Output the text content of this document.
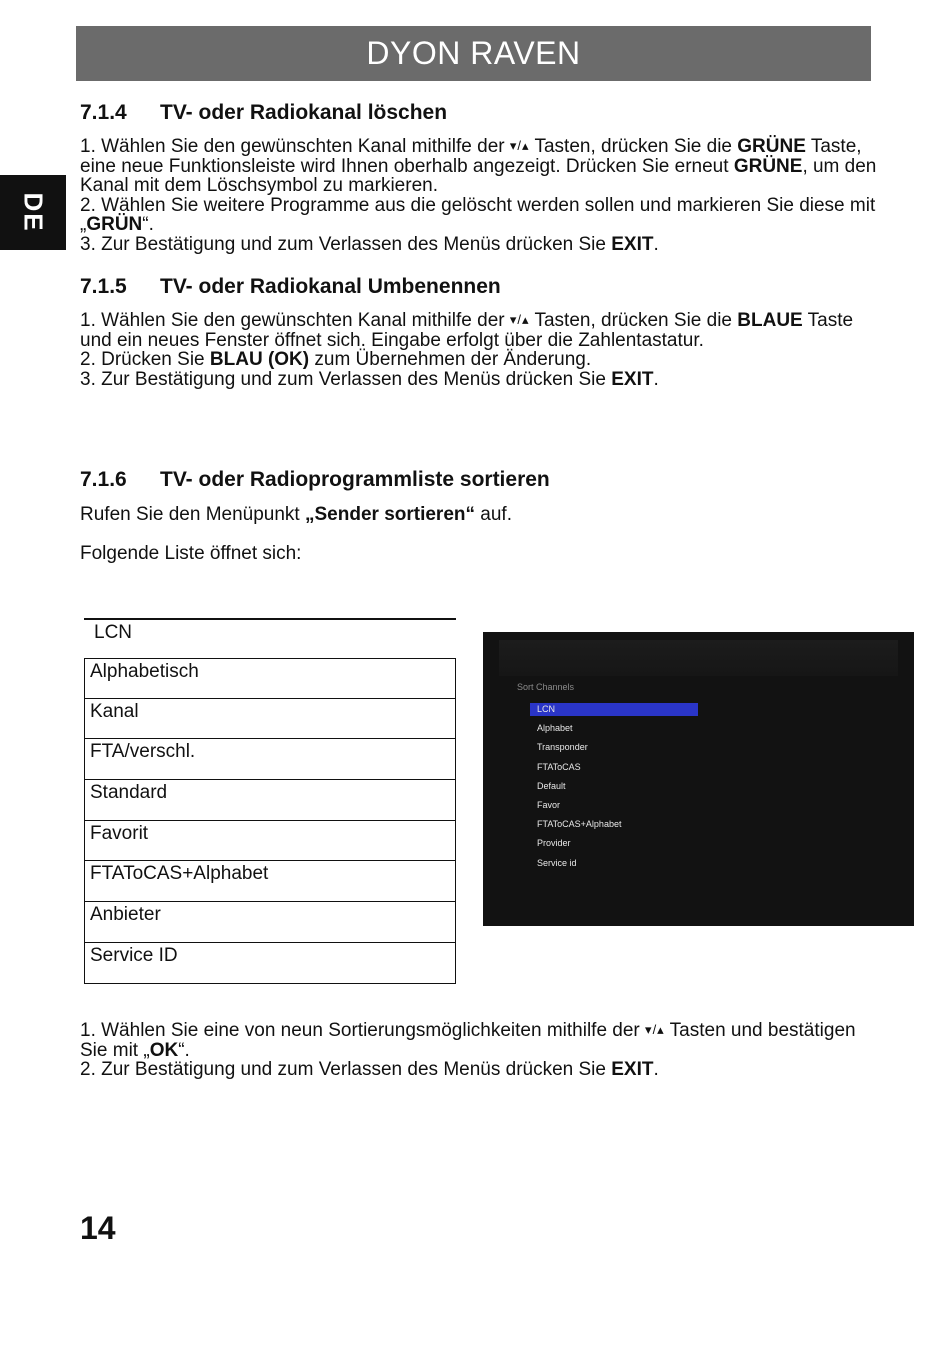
DYON RAVEN
DE
7.1.4 TV- oder Radiokanal löschen

1. Wählen Sie den gewünschten Kanal mithilfe der ▾/▴ Tasten, drücken Sie die GRÜNE Taste, eine neue Funktionsleiste wird Ihnen oberhalb angezeigt. Drücken Sie erneut GRÜNE, um den Kanal mit dem Löschsymbol zu markieren.

2. Wählen Sie weitere Programme aus die gelöscht werden sollen und markieren Sie diese mit „GRÜN“.

3. Zur Bestätigung und zum Verlassen des Menüs drücken Sie EXIT.

7.1.5 TV- oder Radiokanal Umbenennen

1. Wählen Sie den gewünschten Kanal mithilfe der ▾/▴ Tasten, drücken Sie die BLAUE Taste und ein neues Fenster öffnet sich. Eingabe erfolgt über die Zahlentastatur.

2. Drücken Sie BLAU (OK) zum Übernehmen der Änderung.

3. Zur Bestätigung und zum Verlassen des Menüs drücken Sie EXIT.

7.1.6 TV- oder Radioprogrammliste sortieren

Rufen Sie den Menüpunkt „Sender sortieren“ auf.

Folgende Liste öffnet sich:

LCN
Alphabetisch
Kanal
FTA/verschl.
Standard
Favorit
FTAToCAS+Alphabet
Anbieter
Service ID
Sort Channels
LCN
Alphabet
Transponder
FTAToCAS
Default
Favor
FTAToCAS+Alphabet
Provider
Service id

1. Wählen Sie eine von neun Sortierungsmöglichkeiten mithilfe der ▾/▴ Tasten und bestätigen Sie mit „OK“.

2. Zur Bestätigung und zum Verlassen des Menüs drücken Sie EXIT.

14
